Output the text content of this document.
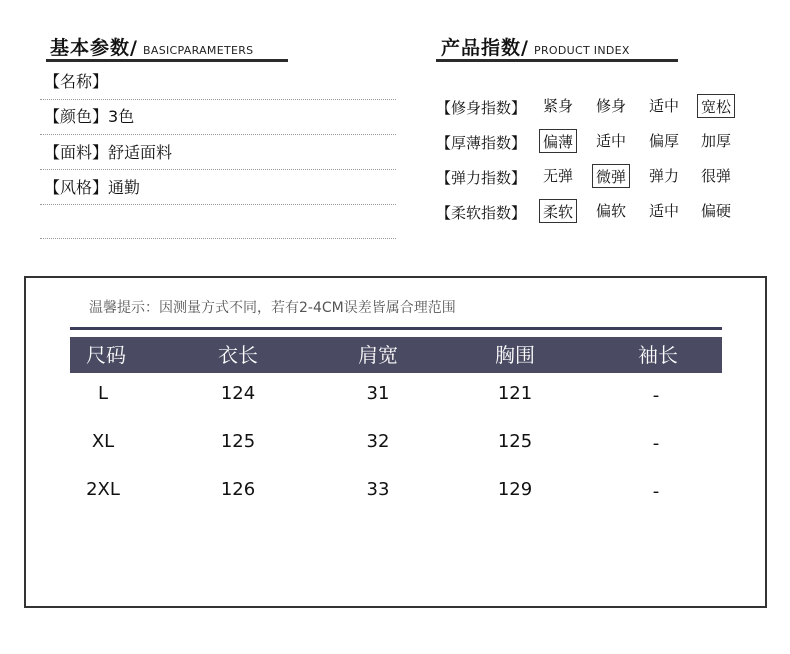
基本参数/ BASICPARAMETERS
【名称】
【颜色】3色
【面料】舒适面料
【风格】通勤
产品指数/ PRODUCT INDEX
【修身指数】 紧身 修身 适中 宽松
【厚薄指数】 偏薄 适中 偏厚 加厚
【弹力指数】 无弹 微弹 弹力 很弹
【柔软指数】 柔软 偏软 适中 偏硬
温馨提示：因测量方式不同，若有2-4CM误差皆属合理范围
尺码	衣长	肩宽	胸围	袖长
L	124	31	121	-
XL	125	32	125	-
2XL	126	33	129	-
